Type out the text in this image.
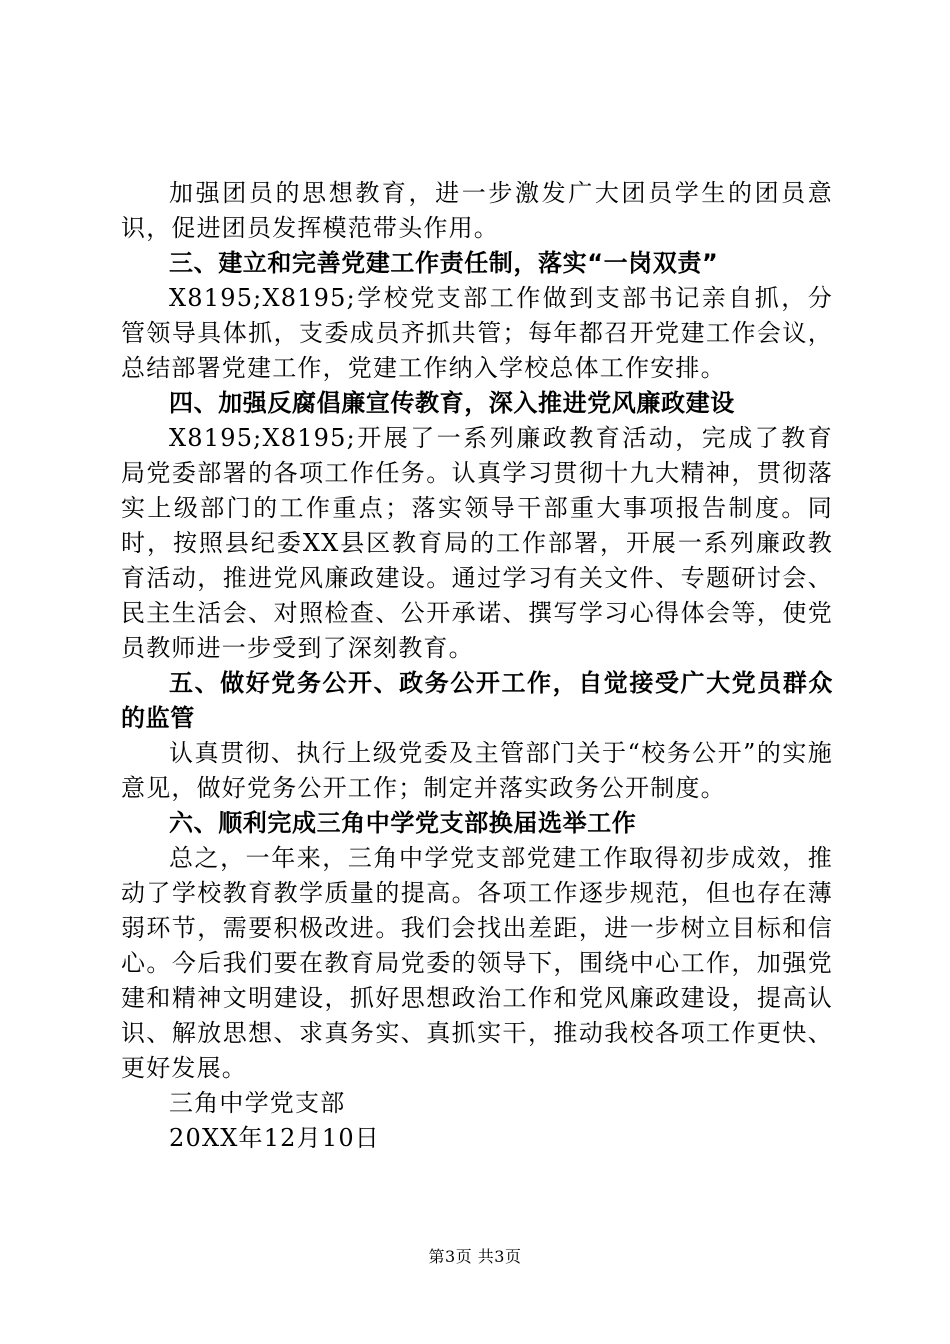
加强团员的思想教育，进一步激发广大团员学生的团员意识，促进团员发挥模范带头作用。

三、建立和完善党建工作责任制，落实“一岗双责”

X8195;X8195;学校党支部工作做到支部书记亲自抓，分管领导具体抓，支委成员齐抓共管；每年都召开党建工作会议，总结部署党建工作，党建工作纳入学校总体工作安排。

四、加强反腐倡廉宣传教育，深入推进党风廉政建设

X8195;X8195;开展了一系列廉政教育活动，完成了教育局党委部署的各项工作任务。认真学习贯彻十九大精神，贯彻落实上级部门的工作重点；落实领导干部重大事项报告制度。同时，按照县纪委XX县区教育局的工作部署，开展一系列廉政教育活动，推进党风廉政建设。通过学习有关文件、专题研讨会、民主生活会、对照检查、公开承诺、撰写学习心得体会等，使党员教师进一步受到了深刻教育。

五、做好党务公开、政务公开工作，自觉接受广大党员群众的监管

认真贯彻、执行上级党委及主管部门关于“校务公开”的实施意见，做好党务公开工作；制定并落实政务公开制度。

六、顺利完成三角中学党支部换届选举工作

总之，一年来，三角中学党支部党建工作取得初步成效，推动了学校教育教学质量的提高。各项工作逐步规范，但也存在薄弱环节，需要积极改进。我们会找出差距，进一步树立目标和信心。今后我们要在教育局党委的领导下，围绕中心工作，加强党建和精神文明建设，抓好思想政治工作和党风廉政建设，提高认识、解放思想、求真务实、真抓实干，推动我校各项工作更快、更好发展。

三角中学党支部

20XX年12月10日

第3页 共3页
